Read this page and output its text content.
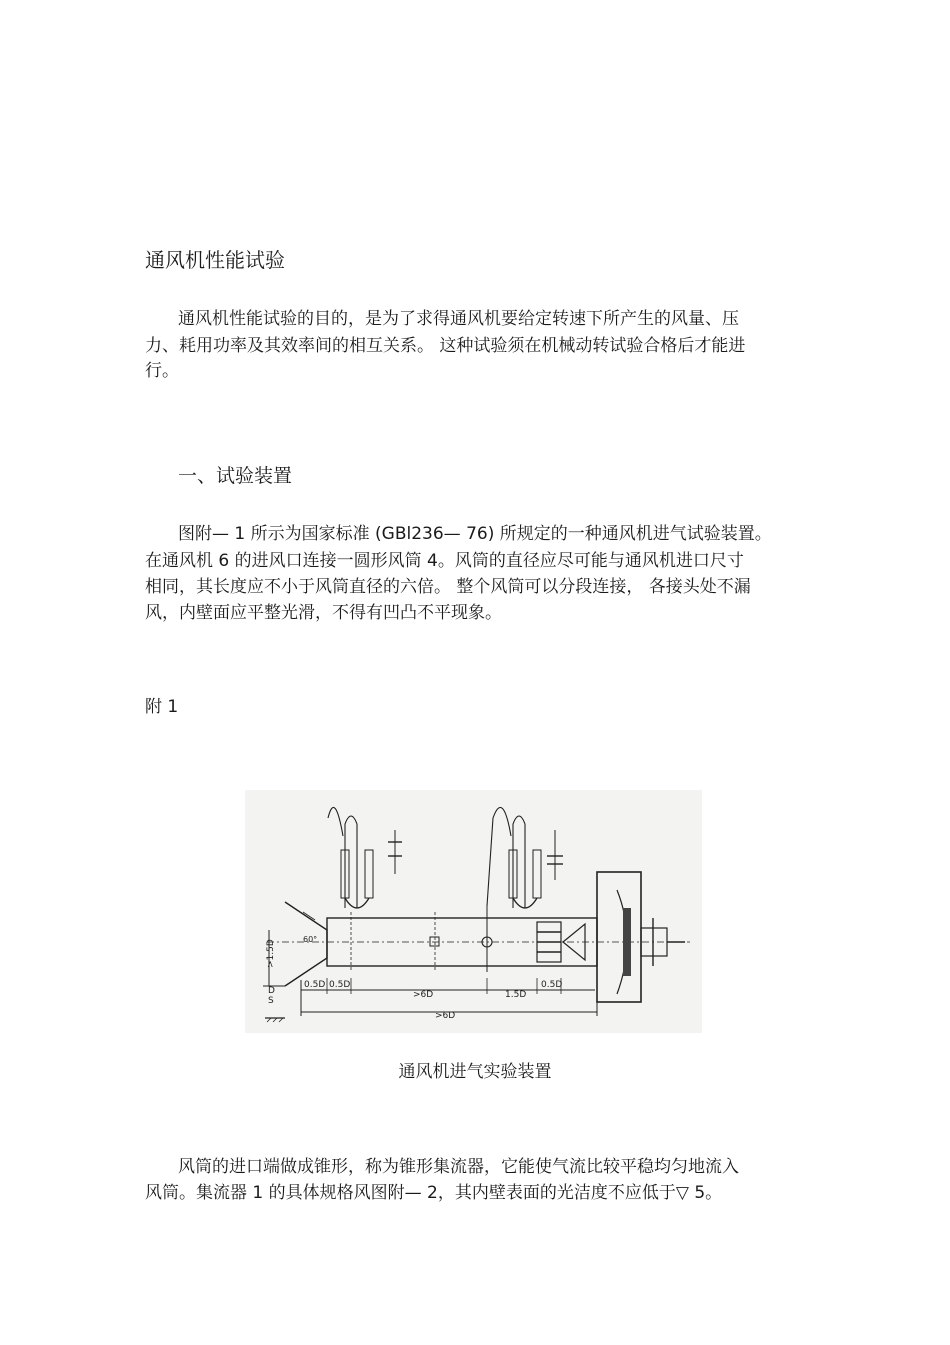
通风机性能试验
通风机性能试验的目的，是为了求得通风机要给定转速下所产生的风量、压
力、耗用功率及其效率间的相互关系。 这种试验须在机械动转试验合格后才能进
行。
一、试验装置
图附— 1 所示为国家标准 (GBl236— 76) 所规定的一种通风机进气试验装置。
在通风机 6 的进风口连接一圆形风筒 4。风筒的直径应尽可能与通风机进口尺寸
相同，其长度应不小于风筒直径的六倍。 整个风筒可以分段连接， 各接头处不漏
风，内壁面应平整光滑，不得有凹凸不平现象。
附 1
>1.5D
D
S
0.5D 0.5D
>6D	1.5D
0.5D
>6D
60°
通风机进气实验装置
风筒的进口端做成锥形，称为锥形集流器，它能使气流比较平稳均匀地流入
风筒。集流器 1 的具体规格风图附— 2，其内壁表面的光洁度不应低于▽ 5。
